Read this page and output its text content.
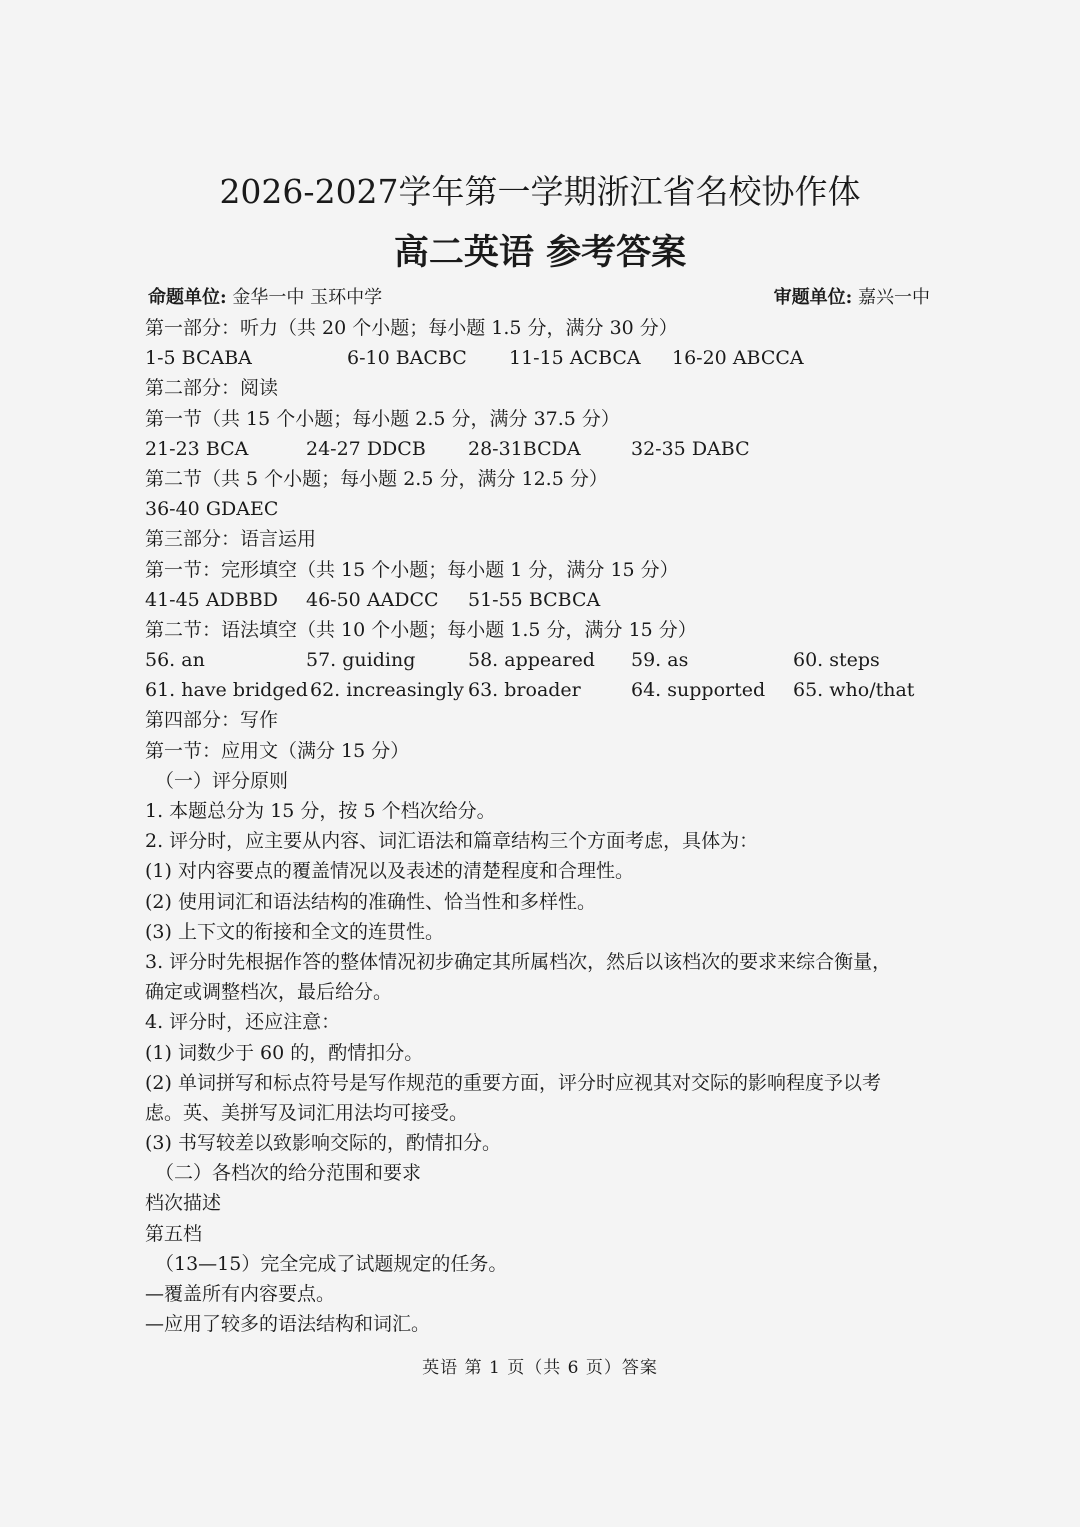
2026-2027学年第一学期浙江省名校协作体
高二英语 参考答案
命题单位: 金华一中 玉环中学	审题单位: 嘉兴一中
第一部分：听力（共 20 个小题；每小题 1.5 分，满分 30 分）
1-5 BCABA	6-10 BACBC 11-15 ACBCA 16-20 ABCCA
第二部分：阅读
第一节（共 15 个小题；每小题 2.5 分，满分 37.5 分）
21-23 BCA	24-27 DDCB 28-31BCDA	32-35 DABC
第二节（共 5 个小题；每小题 2.5 分，满分 12.5 分）
36-40 GDAEC
第三部分：语言运用
第一节：完形填空（共 15 个小题；每小题 1 分，满分 15 分）
41-45 ADBBD 46-50 AADCC 51-55 BCBCA
第二节：语法填空（共 10 个小题；每小题 1.5 分，满分 15 分）
56. an	57. guiding	58. appeared 59. as	60. steps
61. have bridged 62. increasingly 63. broader	64. supported 65. who/that
第四部分：写作
第一节：应用文（满分 15 分）
（一）评分原则
1. 本题总分为 15 分，按 5 个档次给分。
2. 评分时，应主要从内容、词汇语法和篇章结构三个方面考虑，具体为：
(1) 对内容要点的覆盖情况以及表述的清楚程度和合理性。
(2) 使用词汇和语法结构的准确性、恰当性和多样性。
(3) 上下文的衔接和全文的连贯性。
3. 评分时先根据作答的整体情况初步确定其所属档次，然后以该档次的要求来综合衡量，
确定或调整档次，最后给分。
4. 评分时，还应注意：
(1) 词数少于 60 的，酌情扣分。
(2) 单词拼写和标点符号是写作规范的重要方面，评分时应视其对交际的影响程度予以考
虑。英、美拼写及词汇用法均可接受。
(3) 书写较差以致影响交际的，酌情扣分。
（二）各档次的给分范围和要求
档次描述
第五档
（13—15）完全完成了试题规定的任务。
—覆盖所有内容要点。
—应用了较多的语法结构和词汇。
英语 第 1 页（共 6 页）答案
